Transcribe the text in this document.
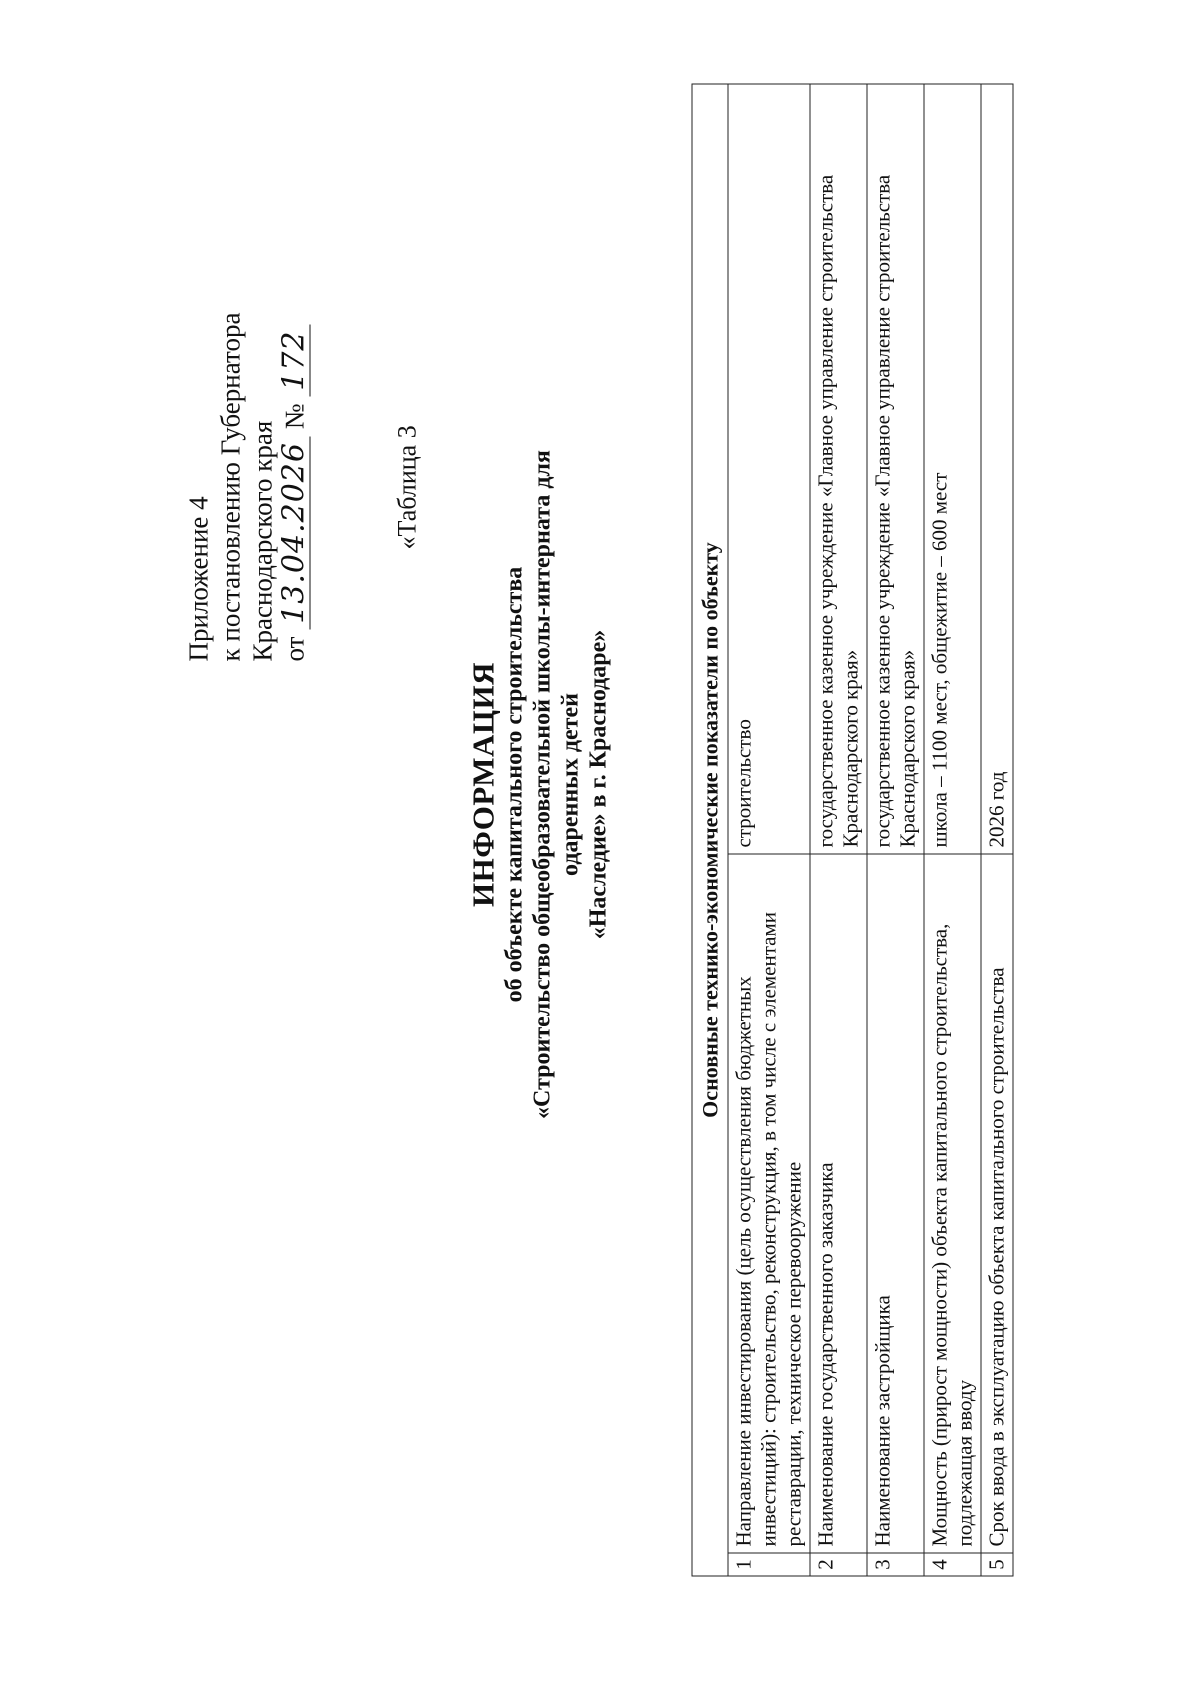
Приложение 4 к постановлению Губернатора Краснодарского края от 13.04.2026 № 172
«Таблица 3
ИНФОРМАЦИЯ об объекте капитального строительства «Строительство общеобразовательной школы-интерната для одаренных детей «Наследие» в г. Краснодаре»	Основные технико-экономические показатели по объекту		
1	Направление инвестирования (цель осуществления бюджетных инвестиций): строительство, реконструкция, в том числе с элементами реставрации, техническое перевооружение	строительство
2	Наименование государственного заказчика	государственное казенное учреждение «Главное управление строительства Краснодарского края»
3	Наименование застройщика	государственное казенное учреждение «Главное управление строительства Краснодарского края»
4	Мощность (прирост мощности) объекта капитального строительства, подлежащая вводу	школа – 1100 мест, общежитие – 600 мест
5	Срок ввода в эксплуатацию объекта капитального строительства	2026 год
